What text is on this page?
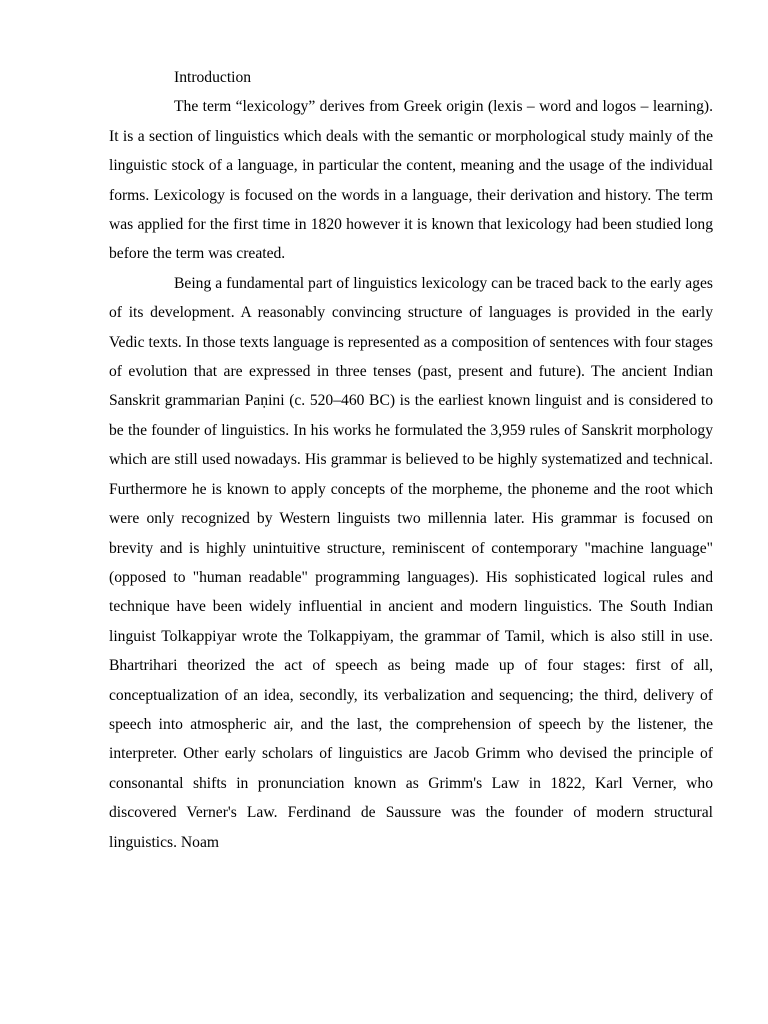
Introduction

The term “lexicology” derives from Greek origin (lexis – word and logos – learning). It is a section of linguistics which deals with the semantic or morphological study mainly of the linguistic stock of a language, in particular the content, meaning and the usage of the individual forms. Lexicology is focused on the words in a language, their derivation and history. The term was applied for the first time in 1820 however it is known that lexicology had been studied long before the term was created.

Being a fundamental part of linguistics lexicology can be traced back to the early ages of its development. A reasonably convincing structure of languages is provided in the early Vedic texts. In those texts language is represented as a composition of sentences with four stages of evolution that are expressed in three tenses (past, present and future). The ancient Indian Sanskrit grammarian Paṇini (c. 520–460 BC) is the earliest known linguist and is considered to be the founder of linguistics. In his works he formulated the 3,959 rules of Sanskrit morphology which are still used nowadays. His grammar is believed to be highly systematized and technical. Furthermore he is known to apply concepts of the morpheme, the phoneme and the root which were only recognized by Western linguists two millennia later. His grammar is focused on brevity and is highly unintuitive structure, reminiscent of contemporary "machine language" (opposed to "human readable" programming languages). His sophisticated logical rules and technique have been widely influential in ancient and modern linguistics. The South Indian linguist Tolkappiyar wrote the Tolkappiyam, the grammar of Tamil, which is also still in use. Bhartrihari theorized the act of speech as being made up of four stages: first of all, conceptualization of an idea, secondly, its verbalization and sequencing; the third, delivery of speech into atmospheric air, and the last, the comprehension of speech by the listener, the interpreter. Other early scholars of linguistics are Jacob Grimm who devised the principle of consonantal shifts in pronunciation known as Grimm's Law in 1822, Karl Verner, who discovered Verner's Law. Ferdinand de Saussure was the founder of modern structural linguistics. Noam
